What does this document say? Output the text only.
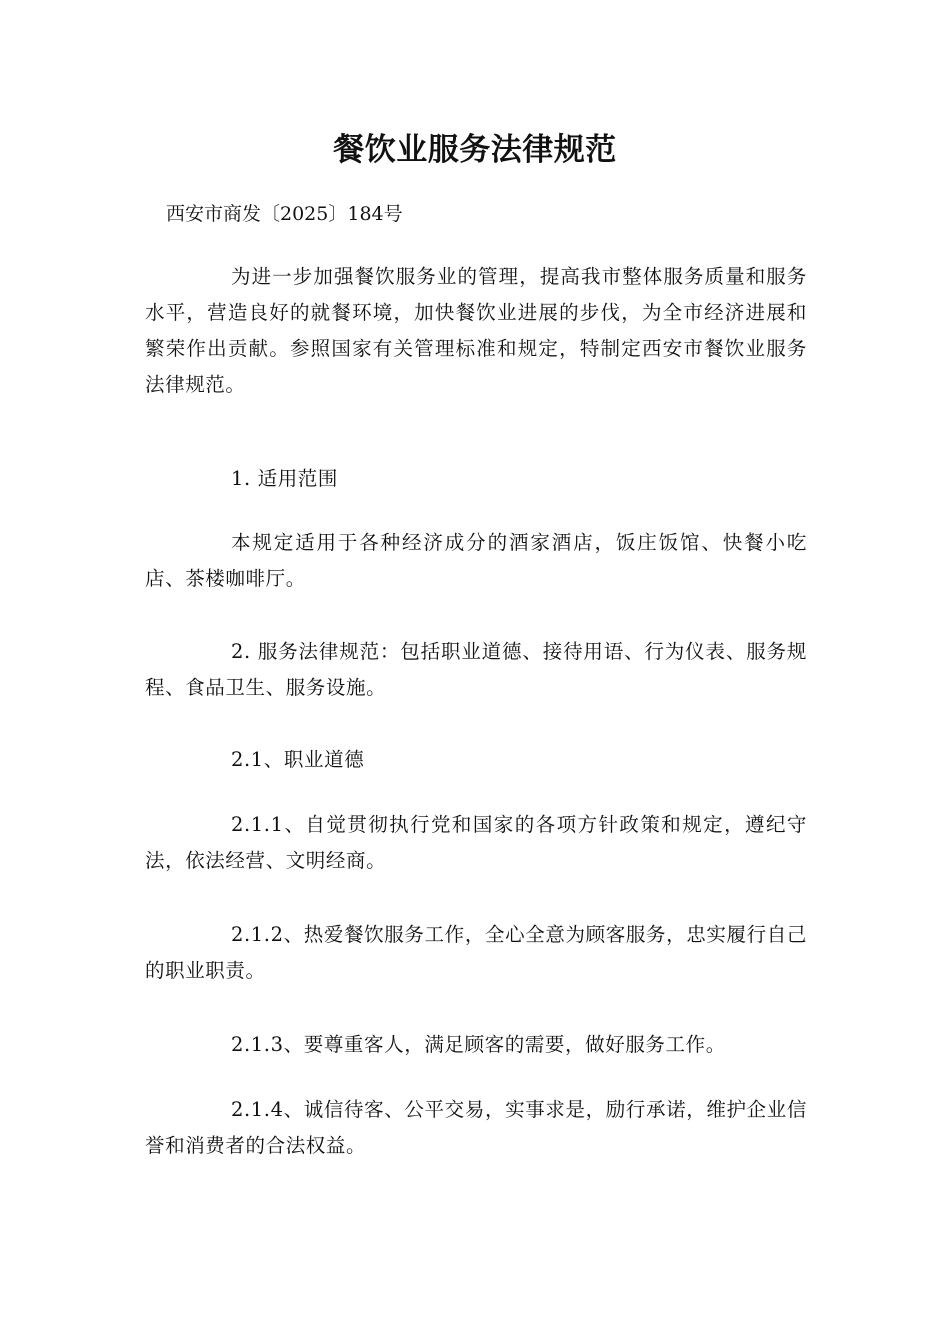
餐饮业服务法律规范
西安市商发〔2025〕184号

为进一步加强餐饮服务业的管理，提高我市整体服务质量和服务水平，营造良好的就餐环境，加快餐饮业进展的步伐，为全市经济进展和繁荣作出贡献。参照国家有关管理标准和规定，特制定西安市餐饮业服务法律规范。

1. 适用范围

本规定适用于各种经济成分的酒家酒店，饭庄饭馆、快餐小吃店、茶楼咖啡厅。

2. 服务法律规范：包括职业道德、接待用语、行为仪表、服务规程、食品卫生、服务设施。

2.1、职业道德

2.1.1、自觉贯彻执行党和国家的各项方针政策和规定，遵纪守法，依法经营、文明经商。

2.1.2、热爱餐饮服务工作，全心全意为顾客服务，忠实履行自己的职业职责。

2.1.3、要尊重客人，满足顾客的需要，做好服务工作。

2.1.4、诚信待客、公平交易，实事求是，励行承诺，维护企业信誉和消费者的合法权益。
